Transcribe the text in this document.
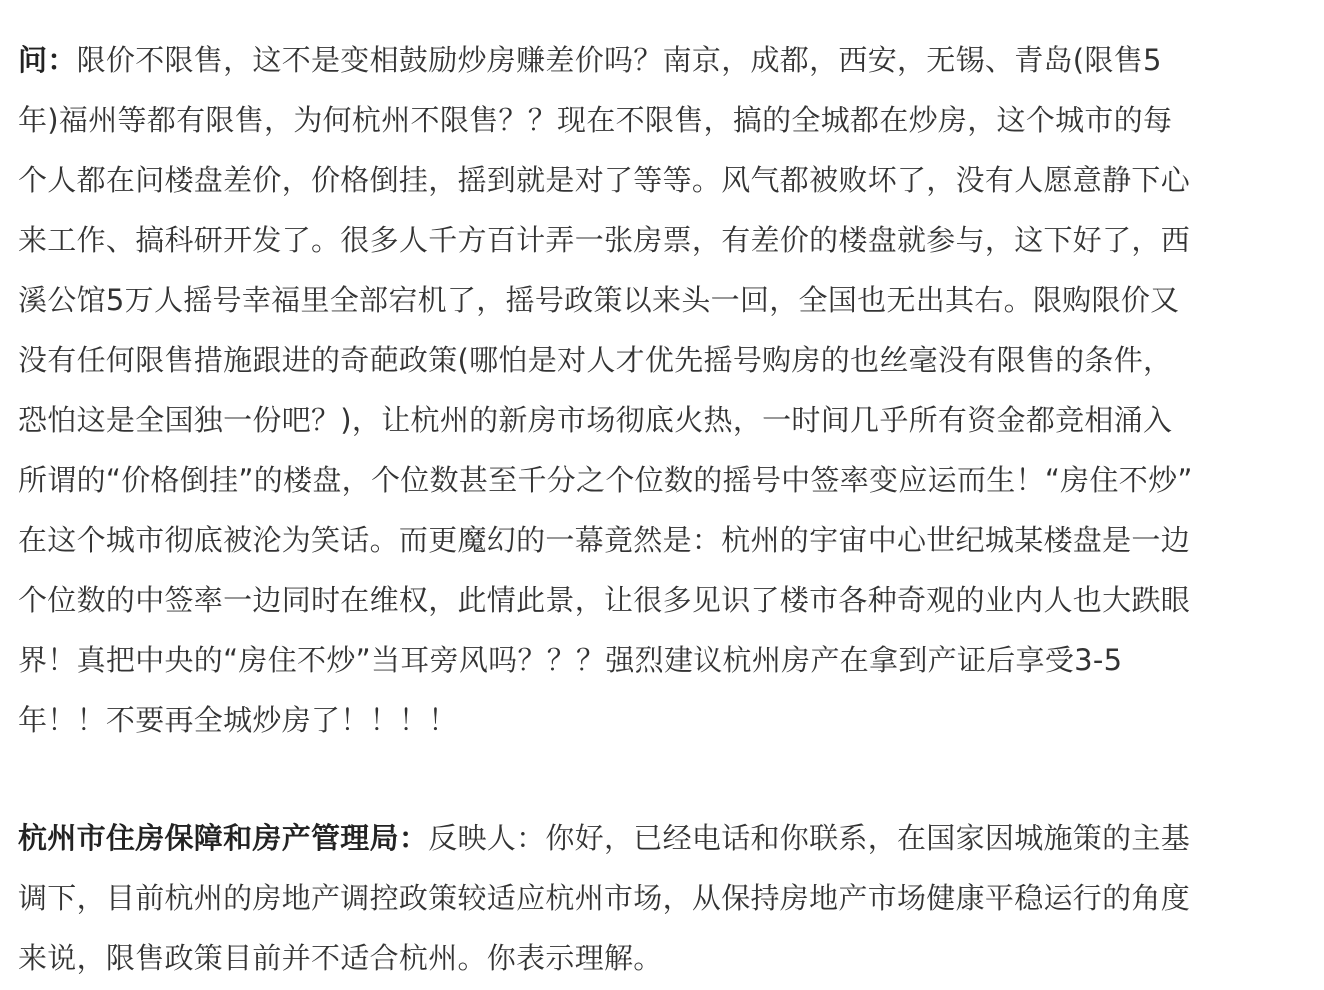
问：限价不限售，这不是变相鼓励炒房赚差价吗？南京，成都，西安，无锡、青岛(限售5
年)福州等都有限售，为何杭州不限售？？现在不限售，搞的全城都在炒房，这个城市的每
个人都在问楼盘差价，价格倒挂，摇到就是对了等等。风气都被败坏了，没有人愿意静下心
来工作、搞科研开发了。很多人千方百计弄一张房票，有差价的楼盘就参与，这下好了，西
溪公馆5万人摇号幸福里全部宕机了，摇号政策以来头一回，全国也无出其右。限购限价又
没有任何限售措施跟进的奇葩政策(哪怕是对人才优先摇号购房的也丝毫没有限售的条件，
恐怕这是全国独一份吧？)，让杭州的新房市场彻底火热，一时间几乎所有资金都竞相涌入
所谓的“价格倒挂”的楼盘，个位数甚至千分之个位数的摇号中签率变应运而生！“房住不炒”
在这个城市彻底被沦为笑话。而更魔幻的一幕竟然是：杭州的宇宙中心世纪城某楼盘是一边
个位数的中签率一边同时在维权，此情此景，让很多见识了楼市各种奇观的业内人也大跌眼
界！真把中央的“房住不炒”当耳旁风吗？？？强烈建议杭州房产在拿到产证后享受3-5
年！！不要再全城炒房了！！！！
杭州市住房保障和房产管理局：反映人：你好，已经电话和你联系，在国家因城施策的主基
调下，目前杭州的房地产调控政策较适应杭州市场，从保持房地产市场健康平稳运行的角度
来说，限售政策目前并不适合杭州。你表示理解。
